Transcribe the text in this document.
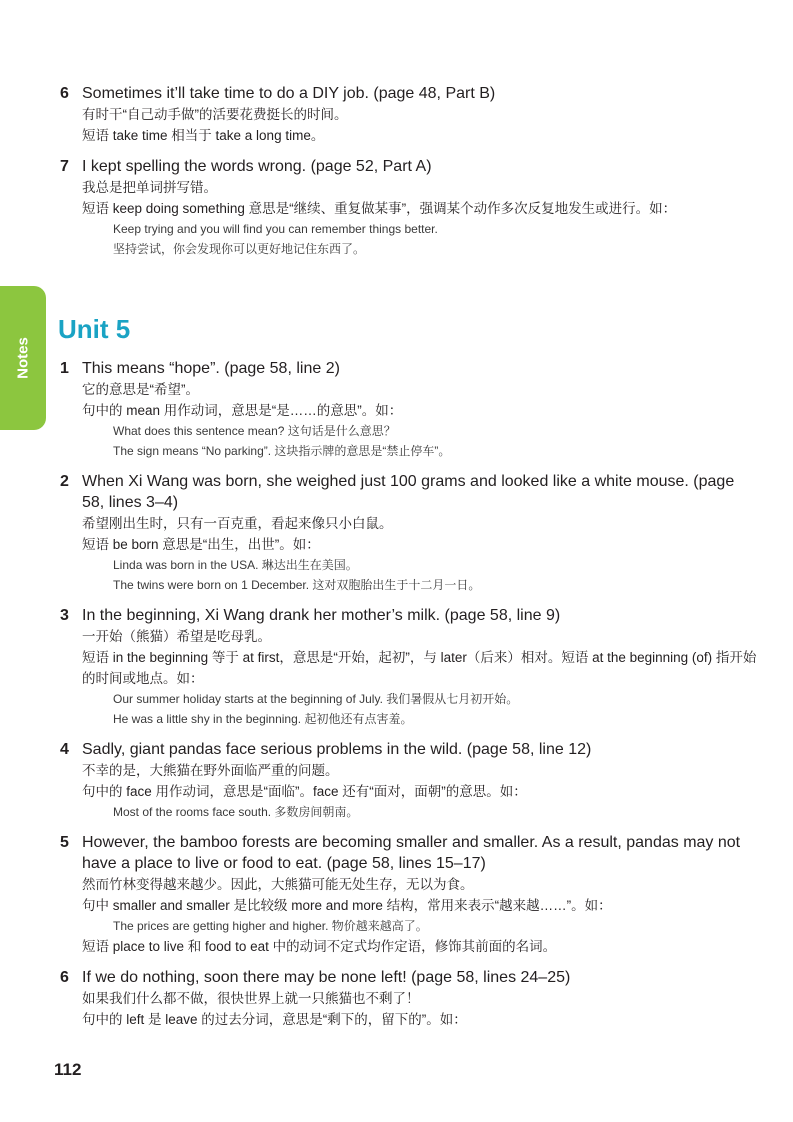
Notes
6 Sometimes it’ll take time to do a DIY job. (page 48, Part B)
有时干“自己动手做”的活要花费挺长的时间。
短语 take time 相当于 take a long time。
7 I kept spelling the words wrong. (page 52, Part A)
我总是把单词拼写错。
短语 keep doing something 意思是“继续、重复做某事”，强调某个动作多次反复地发生或进行。如：
Keep trying and you will find you can remember things better.
坚持尝试，你会发现你可以更好地记住东西了。
Unit 5
1 This means “hope”. (page 58, line 2)
它的意思是“希望”。
句中的 mean 用作动词，意思是“是……的意思”。如：
What does this sentence mean? 这句话是什么意思？
The sign means “No parking”. 这块指示牌的意思是“禁止停车”。
2 When Xi Wang was born, she weighed just 100 grams and looked like a white mouse. (page 58, lines 3–4)
希望刚出生时，只有一百克重，看起来像只小白鼠。
短语 be born 意思是“出生，出世”。如：
Linda was born in the USA. 琳达出生在美国。
The twins were born on 1 December. 这对双胞胎出生于十二月一日。
3 In the beginning, Xi Wang drank her mother’s milk. (page 58, line 9)
一开始（熊猫）希望是吃母乳。
短语 in the beginning 等于 at first，意思是“开始，起初”，与 later（后来）相对。短语 at the beginning (of) 指开始的时间或地点。如：
Our summer holiday starts at the beginning of July. 我们暑假从七月初开始。
He was a little shy in the beginning. 起初他还有点害羞。
4 Sadly, giant pandas face serious problems in the wild. (page 58, line 12)
不幸的是，大熊猫在野外面临严重的问题。
句中的 face 用作动词，意思是“面临”。face 还有“面对，面朝”的意思。如：
Most of the rooms face south. 多数房间朝南。
5 However, the bamboo forests are becoming smaller and smaller. As a result, pandas may not have a place to live or food to eat. (page 58, lines 15–17)
然而竹林变得越来越少。因此，大熊猫可能无处生存，无以为食。
句中 smaller and smaller 是比较级 more and more 结构，常用来表示“越来越……”。如：
The prices are getting higher and higher. 物价越来越高了。
短语 place to live 和 food to eat 中的动词不定式均作定语，修饰其前面的名词。
6 If we do nothing, soon there may be none left! (page 58, lines 24–25)
如果我们什么都不做，很快世界上就一只熊猫也不剩了！
句中的 left 是 leave 的过去分词，意思是“剩下的，留下的”。如：
112
